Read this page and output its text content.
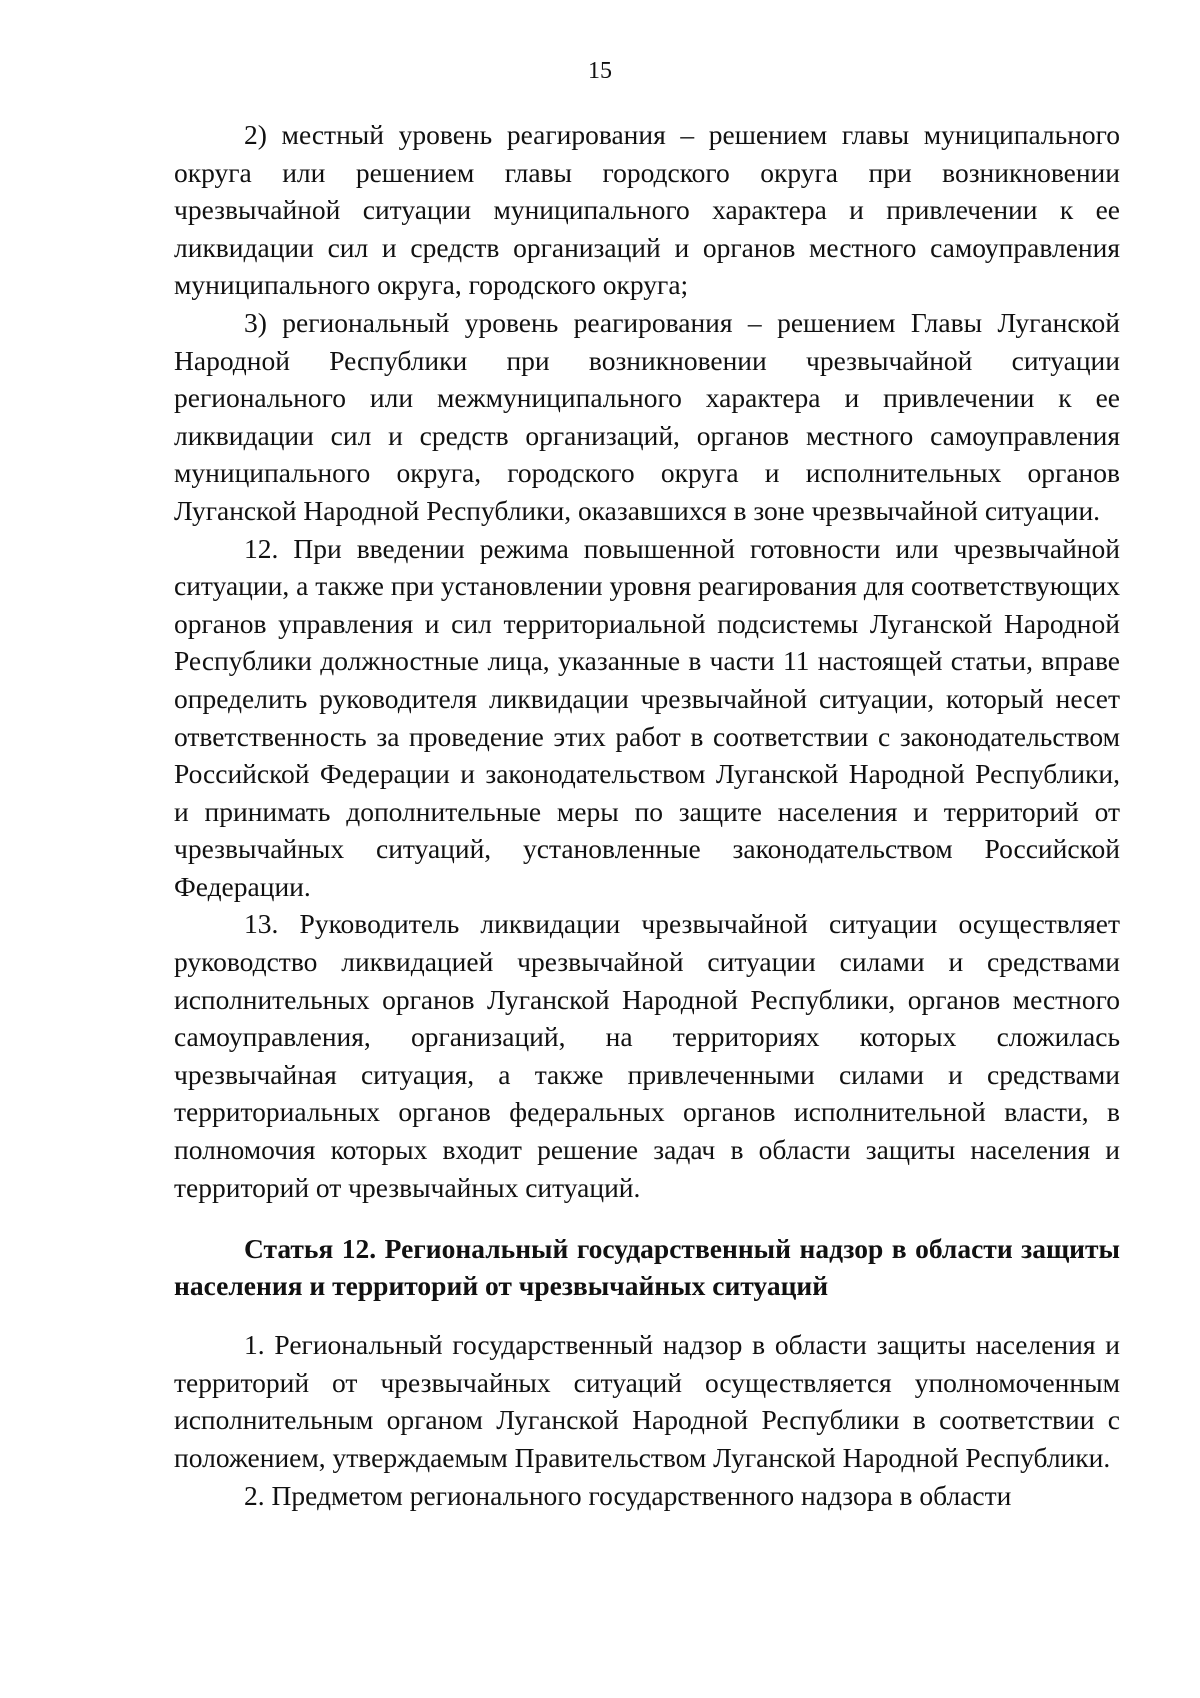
15

2) местный уровень реагирования – решением главы муниципального округа или решением главы городского округа при возникновении чрезвычайной ситуации муниципального характера и привлечении к ее ликвидации сил и средств организаций и органов местного самоуправления муниципального округа, городского округа;

3) региональный уровень реагирования – решением Главы Луганской Народной Республики при возникновении чрезвычайной ситуации регионального или межмуниципального характера и привлечении к ее ликвидации сил и средств организаций, органов местного самоуправления муниципального округа, городского округа и исполнительных органов Луганской Народной Республики, оказавшихся в зоне чрезвычайной ситуации.

12. При введении режима повышенной готовности или чрезвычайной ситуации, а также при установлении уровня реагирования для соответствующих органов управления и сил территориальной подсистемы Луганской Народной Республики должностные лица, указанные в части 11 настоящей статьи, вправе определить руководителя ликвидации чрезвычайной ситуации, который несет ответственность за проведение этих работ в соответствии с законодательством Российской Федерации и законодательством Луганской Народной Республики, и принимать дополнительные меры по защите населения и территорий от чрезвычайных ситуаций, установленные законодательством Российской Федерации.

13. Руководитель ликвидации чрезвычайной ситуации осуществляет руководство ликвидацией чрезвычайной ситуации силами и средствами исполнительных органов Луганской Народной Республики, органов местного самоуправления, организаций, на территориях которых сложилась чрезвычайная ситуация, а также привлеченными силами и средствами территориальных органов федеральных органов исполнительной власти, в полномочия которых входит решение задач в области защиты населения и территорий от чрезвычайных ситуаций.

Статья 12. Региональный государственный надзор в области защиты населения и территорий от чрезвычайных ситуаций

1. Региональный государственный надзор в области защиты населения и территорий от чрезвычайных ситуаций осуществляется уполномоченным исполнительным органом Луганской Народной Республики в соответствии с положением, утверждаемым Правительством Луганской Народной Республики.

2. Предметом регионального государственного надзора в области
